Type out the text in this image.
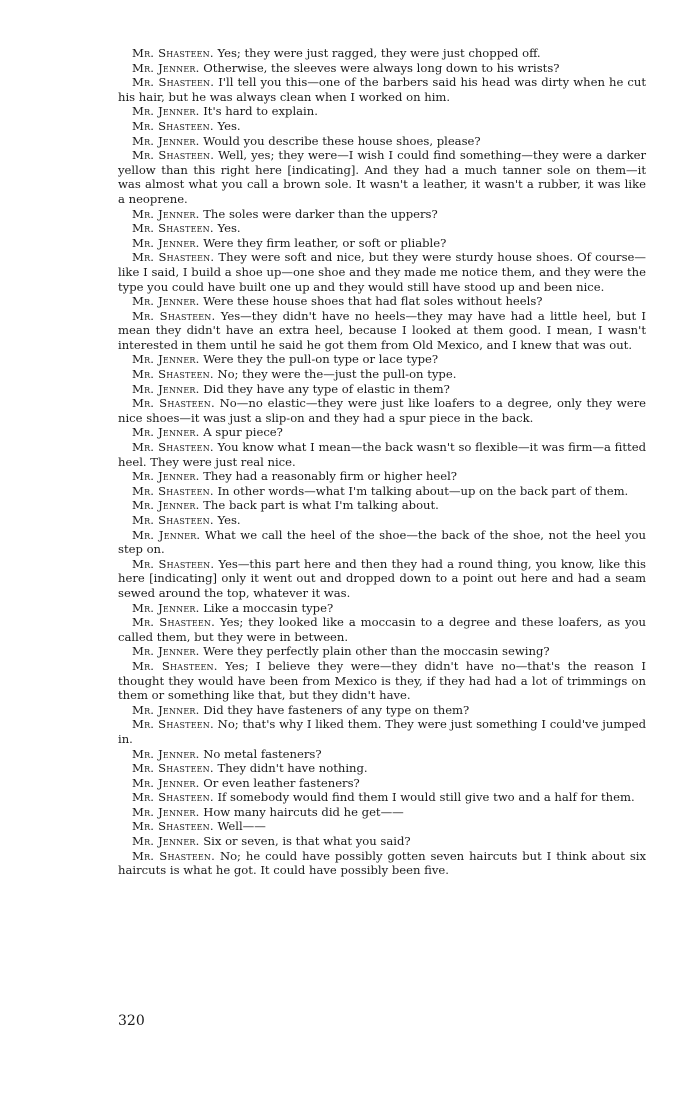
Mr. Shasteen. Yes; they were just ragged, they were just chopped off.

Mr. Jenner. Otherwise, the sleeves were always long down to his wrists?

Mr. Shasteen. I'll tell you this—one of the barbers said his head was dirty when he cut his hair, but he was always clean when I worked on him.

Mr. Jenner. It's hard to explain.

Mr. Shasteen. Yes.

Mr. Jenner. Would you describe these house shoes, please?

Mr. Shasteen. Well, yes; they were—I wish I could find something—they were a darker yellow than this right here [indicating]. And they had a much tanner sole on them—it was almost what you call a brown sole. It wasn't a leather, it wasn't a rubber, it was like a neoprene.

Mr. Jenner. The soles were darker than the uppers?

Mr. Shasteen. Yes.

Mr. Jenner. Were they firm leather, or soft or pliable?

Mr. Shasteen. They were soft and nice, but they were sturdy house shoes. Of course—like I said, I build a shoe up—one shoe and they made me notice them, and they were the type you could have built one up and they would still have stood up and been nice.

Mr. Jenner. Were these house shoes that had flat soles without heels?

Mr. Shasteen. Yes—they didn't have no heels—they may have had a little heel, but I mean they didn't have an extra heel, because I looked at them good. I mean, I wasn't interested in them until he said he got them from Old Mexico, and I knew that was out.

Mr. Jenner. Were they the pull-on type or lace type?

Mr. Shasteen. No; they were the—just the pull-on type.

Mr. Jenner. Did they have any type of elastic in them?

Mr. Shasteen. No—no elastic—they were just like loafers to a degree, only they were nice shoes—it was just a slip-on and they had a spur piece in the back.

Mr. Jenner. A spur piece?

Mr. Shasteen. You know what I mean—the back wasn't so flexible—it was firm—a fitted heel. They were just real nice.

Mr. Jenner. They had a reasonably firm or higher heel?

Mr. Shasteen. In other words—what I'm talking about—up on the back part of them.

Mr. Jenner. The back part is what I'm talking about.

Mr. Shasteen. Yes.

Mr. Jenner. What we call the heel of the shoe—the back of the shoe, not the heel you step on.

Mr. Shasteen. Yes—this part here and then they had a round thing, you know, like this here [indicating] only it went out and dropped down to a point out here and had a seam sewed around the top, whatever it was.

Mr. Jenner. Like a moccasin type?

Mr. Shasteen. Yes; they looked like a moccasin to a degree and these loafers, as you called them, but they were in between.

Mr. Jenner. Were they perfectly plain other than the moccasin sewing?

Mr. Shasteen. Yes; I believe they were—they didn't have no—that's the reason I thought they would have been from Mexico is they, if they had had a lot of trimmings on them or something like that, but they didn't have.

Mr. Jenner. Did they have fasteners of any type on them?

Mr. Shasteen. No; that's why I liked them. They were just something I could've jumped in.

Mr. Jenner. No metal fasteners?

Mr. Shasteen. They didn't have nothing.

Mr. Jenner. Or even leather fasteners?

Mr. Shasteen. If somebody would find them I would still give two and a half for them.

Mr. Jenner. How many haircuts did he get——

Mr. Shasteen. Well——

Mr. Jenner. Six or seven, is that what you said?

Mr. Shasteen. No; he could have possibly gotten seven haircuts but I think about six haircuts is what he got. It could have possibly been five.

320
